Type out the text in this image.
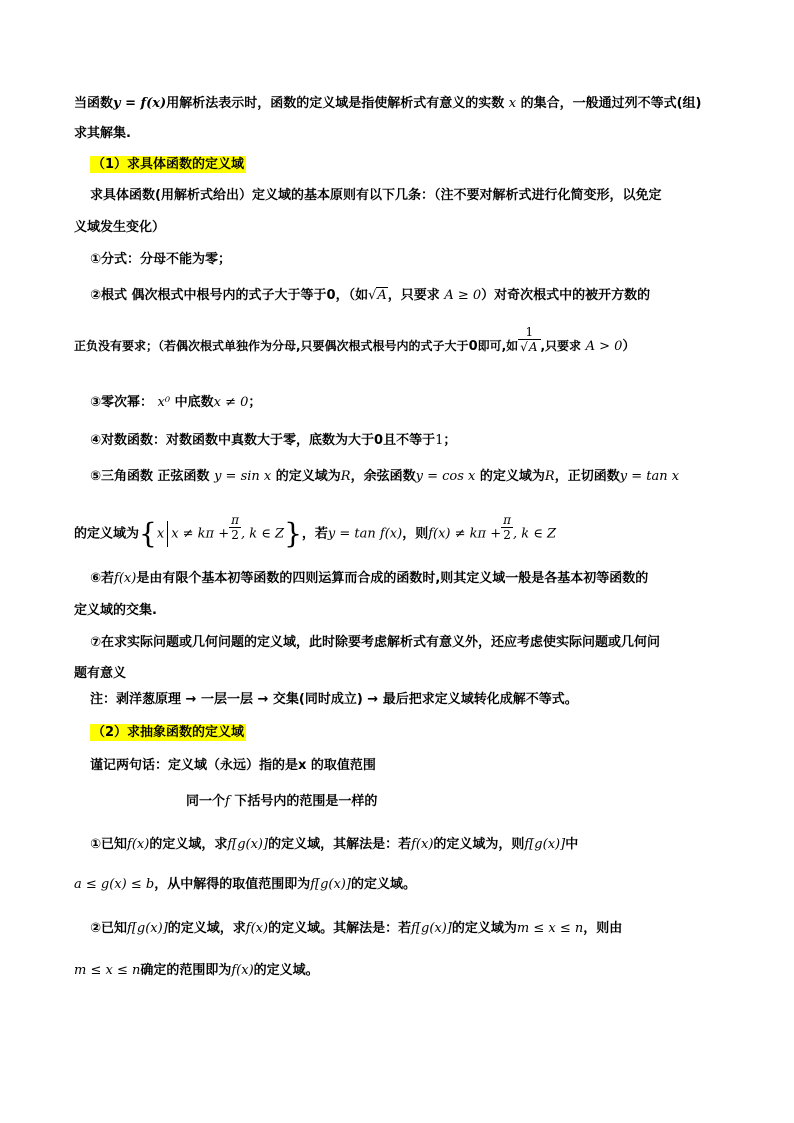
当函数y = f(x)用解析法表示时，函数的定义域是指使解析式有意义的实数 x 的集合，一般通过列不等式(组)
求其解集.
（1）求具体函数的定义域
求具体函数(用解析式给出）定义域的基本原则有以下几条：（注不要对解析式进行化简变形，以免定
义域发生变化）
①分式：分母不能为零；
②根式 偶次根式中根号内的式子大于等于0，（如√A，只要求 A ≥ 0）对奇次根式中的被开方数的
正负没有要求；（若偶次根式单独作为分母,只要偶次根式根号内的式子大于0即可,如 $\frac{1}{√A}$ ,只要求 A > 0）
③零次幂： x⁰ 中底数x ≠ 0；
④对数函数：对数函数中真数大于零，底数为大于0且不等于1；
⑤三角函数 正弦函数 y = sin x 的定义域为R，余弦函数y = cos x 的定义域为R，正切函数y = tan x
的定义域为{x $x \ne k\pi + \frac{\pi}{2}$ , k ∈ Z}，若y = tan f(x)，则$f(x) \ne k\pi + \frac{\pi}{2}$ , k ∈ Z
⑥若f(x)是由有限个基本初等函数的四则运算而合成的函数时,则其定义域一般是各基本初等函数的
定义域的交集.
⑦在求实际问题或几何问题的定义域，此时除要考虑解析式有意义外，还应考虑使实际问题或几何问
题有意义
注：剥洋葱原理 → 一层一层 → 交集(同时成立) → 最后把求定义域转化成解不等式。
（2）求抽象函数的定义域
谨记两句话：定义域（永远）指的是x 的取值范围
同一个f 下括号内的范围是一样的
①已知f(x)的定义域，求f[g(x)]的定义域，其解法是：若f(x)的定义域为，则f[g(x)]中
a ≤ g(x) ≤ b，从中解得的取值范围即为f[g(x)]的定义域。
②已知f[g(x)]的定义域，求f(x)的定义域。其解法是：若f[g(x)]的定义域为m ≤ x ≤ n，则由
m ≤ x ≤ n确定的范围即为f(x)的定义域。
